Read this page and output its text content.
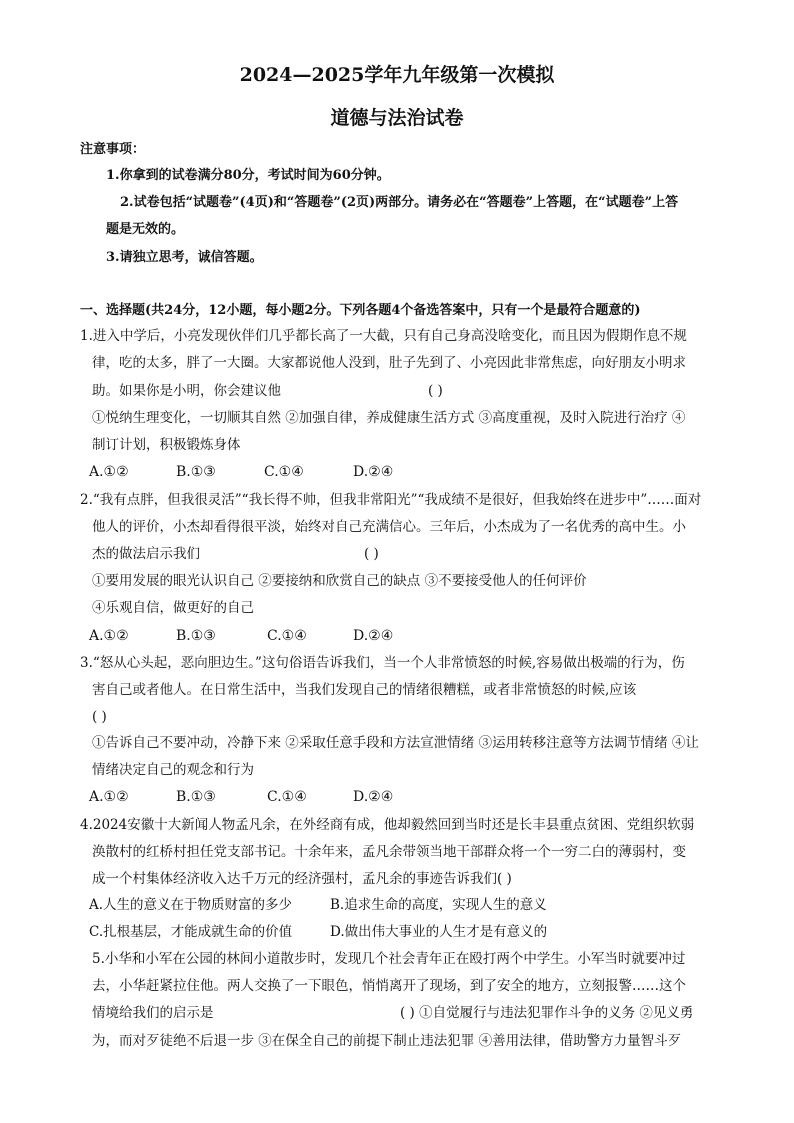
2024—2025学年九年级第一次模拟
道德与法治试卷
注意事项：
1.你拿到的试卷满分80分，考试时间为60分钟。
2.试卷包括“试题卷”(4页)和“答题卷”(2页)两部分。请务必在“答题卷”上答题，在“试题卷”上答
题是无效的。
3.请独立思考，诚信答题。
一、选择题(共24分，12小题，每小题2分。下列各题4个备选答案中，只有一个是最符合题意的)
1.进入中学后，小亮发现伙伴们几乎都长高了一大截，只有自己身高没啥变化，而且因为假期作息不规
律，吃的太多，胖了一大圈。大家都说他人没到，肚子先到了、小亮因此非常焦虑，向好朋友小明求
助。如果你是小明，你会建议他	( )
①悦纳生理变化，一切顺其自然 ②加强自律，养成健康生活方式 ③高度重视，及时入院进行治疗 ④
制订计划，积极锻炼身体
A.①②	B.①③	C.①④	D.②④
2.“我有点胖，但我很灵活”“我长得不帅，但我非常阳光”“我成绩不是很好，但我始终在进步中”……面对
他人的评价，小杰却看得很平淡，始终对自己充满信心。三年后，小杰成为了一名优秀的高中生。小
杰的做法启示我们	( )
①要用发展的眼光认识自己 ②要接纳和欣赏自己的缺点 ③不要接受他人的任何评价
④乐观自信，做更好的自己
A.①②	B.①③	C.①④	D.②④
3.“怒从心头起，恶向胆边生。”这句俗语告诉我们，当一个人非常愤怒的时候,容易做出极端的行为，伤
害自己或者他人。在日常生活中，当我们发现自己的情绪很糟糕，或者非常愤怒的时候,应该
( )
①告诉自己不要冲动，冷静下来 ②采取任意手段和方法宣泄情绪 ③运用转移注意等方法调节情绪 ④让
情绪决定自己的观念和行为
A.①②	B.①③	C.①④	D.②④
4.2024安徽十大新闻人物孟凡余，在外经商有成，他却毅然回到当时还是长丰县重点贫困、党组织软弱
涣散村的红桥村担任党支部书记。十余年来，孟凡余带领当地干部群众将一个一穷二白的薄弱村，变
成一个村集体经济收入达千万元的经济强村，孟凡余的事迹告诉我们( )
A.人生的意义在于物质财富的多少	B.追求生命的高度，实现人生的意义
C.扎根基层，才能成就生命的价值	D.做出伟大事业的人生才是有意义的
5.小华和小军在公园的林间小道散步时，发现几个社会青年正在殴打两个中学生。小军当时就要冲过
去，小华赶紧拉住他。两人交换了一下眼色，悄悄离开了现场，到了安全的地方，立刻报警……这个
情境给我们的启示是	( ) ①自觉履行与违法犯罪作斗争的义务 ②见义勇
为，而对歹徒绝不后退一步 ③在保全自己的前提下制止违法犯罪 ④善用法律，借助警方力量智斗歹
